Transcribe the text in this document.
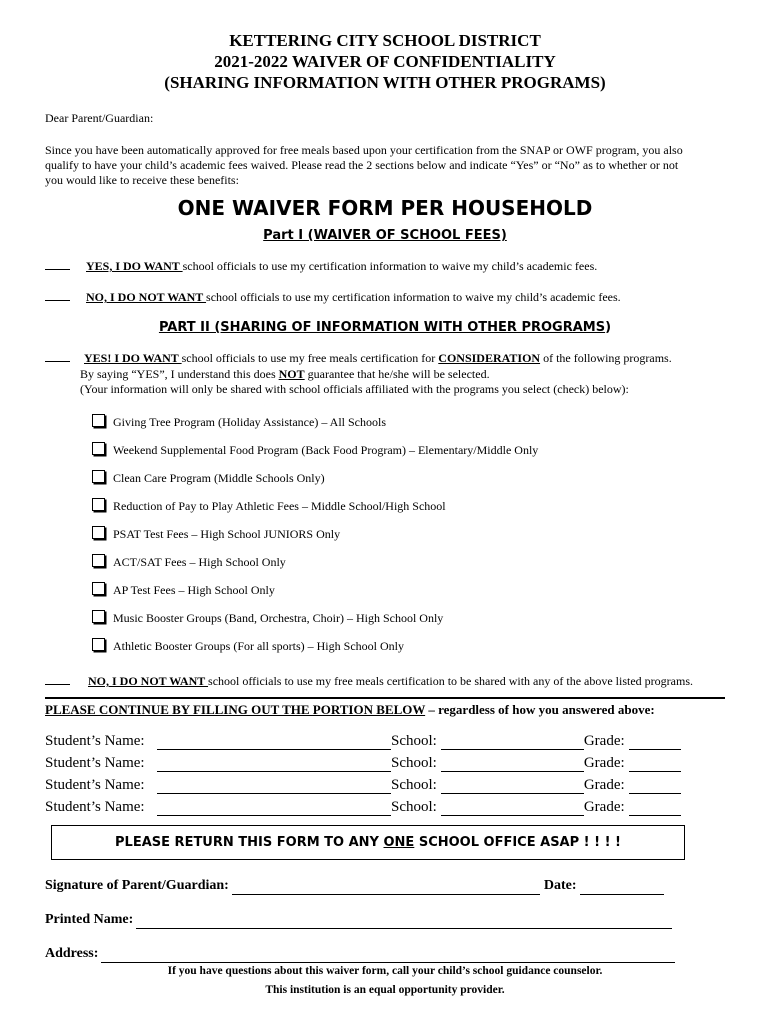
KETTERING CITY SCHOOL DISTRICT
2021-2022 WAIVER OF CONFIDENTIALITY
(SHARING INFORMATION WITH OTHER PROGRAMS)
Dear Parent/Guardian:
Since you have been automatically approved for free meals based upon your certification from the SNAP or OWF program, you also
qualify to have your child’s academic fees waived. Please read the 2 sections below and indicate “Yes” or “No” as to whether or not
you would like to receive these benefits:
ONE WAIVER FORM PER HOUSEHOLD
Part I (WAIVER OF SCHOOL FEES)
YES, I DO WANT school officials to use my certification information to waive my child’s academic fees.
NO, I DO NOT WANT school officials to use my certification information to waive my child’s academic fees.
PART II (SHARING OF INFORMATION WITH OTHER PROGRAMS)
YES! I DO WANT school officials to use my free meals certification for CONSIDERATION of the following programs.
By saying “YES”, I understand this does NOT guarantee that he/she will be selected.
(Your information will only be shared with school officials affiliated with the programs you select (check) below):
Giving Tree Program (Holiday Assistance) – All Schools
Weekend Supplemental Food Program (Back Food Program) – Elementary/Middle Only
Clean Care Program (Middle Schools Only)
Reduction of Pay to Play Athletic Fees – Middle School/High School
PSAT Test Fees – High School JUNIORS Only
ACT/SAT Fees – High School Only
AP Test Fees – High School Only
Music Booster Groups (Band, Orchestra, Choir) – High School Only
Athletic Booster Groups (For all sports) – High School Only
NO, I DO NOT WANT school officials to use my free meals certification to be shared with any of the above listed programs.
PLEASE CONTINUE BY FILLING OUT THE PORTION BELOW – regardless of how you answered above:
Student’s Name:	School:	Grade:
Student’s Name:	School:	Grade:
Student’s Name:	School:	Grade:
Student’s Name:	School:	Grade:
PLEASE RETURN THIS FORM TO ANY ONE SCHOOL OFFICE ASAP ! ! ! !
Signature of Parent/Guardian:	Date:
Printed Name:
Address:
If you have questions about this waiver form, call your child’s school guidance counselor.
This institution is an equal opportunity provider.
